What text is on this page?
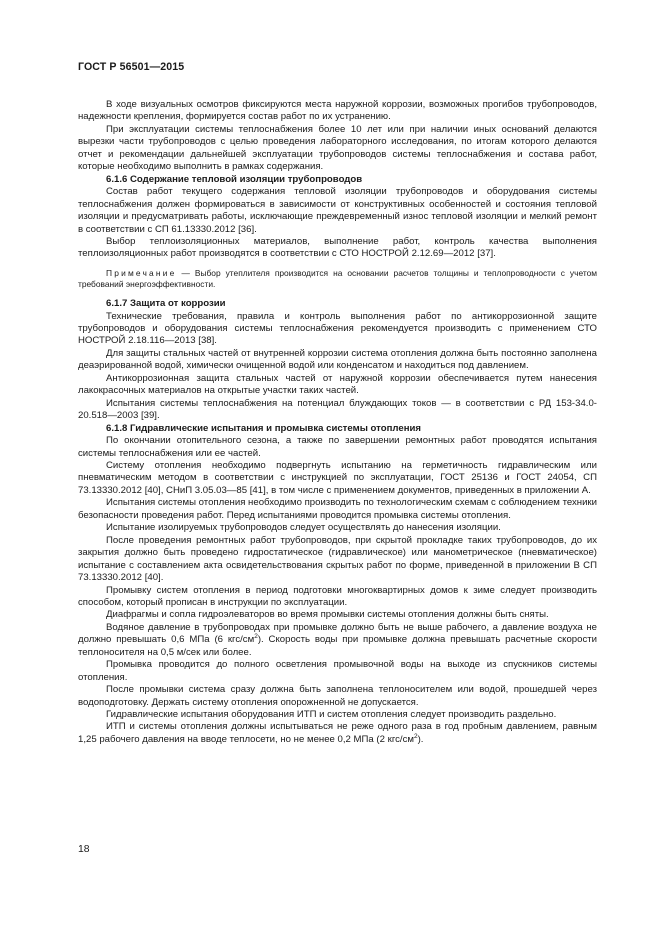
ГОСТ Р 56501—2015

В ходе визуальных осмотров фиксируются места наружной коррозии, возможных прогибов трубопроводов, надежности крепления, формируется состав работ по их устранению.

При эксплуатации системы теплоснабжения более 10 лет или при наличии иных оснований делаются вырезки части трубопроводов с целью проведения лабораторного исследования, по итогам которого делаются отчет и рекомендации дальнейшей эксплуатации трубопроводов системы теплоснабжения и состава работ, которые необходимо выполнить в рамках содержания.

6.1.6 Содержание тепловой изоляции трубопроводов

Состав работ текущего содержания тепловой изоляции трубопроводов и оборудования системы теплоснабжения должен формироваться в зависимости от конструктивных особенностей и состояния тепловой изоляции и предусматривать работы, исключающие преждевременный износ тепловой изоляции и мелкий ремонт в соответствии с СП 61.13330.2012 [36].

Выбор теплоизоляционных материалов, выполнение работ, контроль качества выполнения теплоизоляционных работ производятся в соответствии с СТО НОСТРОЙ 2.12.69—2012 [37].

Примечание — Выбор утеплителя производится на основании расчетов толщины и теплопроводности с учетом требований энергоэффективности.

6.1.7 Защита от коррозии

Технические требования, правила и контроль выполнения работ по антикоррозионной защите трубопроводов и оборудования системы теплоснабжения рекомендуется производить с применением СТО НОСТРОЙ 2.18.116—2013 [38].

Для защиты стальных частей от внутренней коррозии система отопления должна быть постоянно заполнена деаэрированной водой, химически очищенной водой или конденсатом и находиться под давлением.

Антикоррозионная защита стальных частей от наружной коррозии обеспечивается путем нанесения лакокрасочных материалов на открытые участки таких частей.

Испытания системы теплоснабжения на потенциал блуждающих токов — в соответствии с РД 153-34.0-20.518—2003 [39].

6.1.8 Гидравлические испытания и промывка системы отопления

По окончании отопительного сезона, а также по завершении ремонтных работ проводятся испытания системы теплоснабжения или ее частей.

Систему отопления необходимо подвергнуть испытанию на герметичность гидравлическим или пневматическим методом в соответствии с инструкцией по эксплуатации, ГОСТ 25136 и ГОСТ 24054, СП 73.13330.2012 [40], СНиП 3.05.03—85 [41], в том числе с применением документов, приведенных в приложении А.

Испытания системы отопления необходимо производить по технологическим схемам с соблюдением техники безопасности проведения работ. Перед испытаниями проводится промывка системы отопления.

Испытание изолируемых трубопроводов следует осуществлять до нанесения изоляции.

После проведения ремонтных работ трубопроводов, при скрытой прокладке таких трубопроводов, до их закрытия должно быть проведено гидростатическое (гидравлическое) или манометрическое (пневматическое) испытание с составлением акта освидетельствования скрытых работ по форме, приведенной в приложении В СП 73.13330.2012 [40].

Промывку систем отопления в период подготовки многоквартирных домов к зиме следует производить способом, который прописан в инструкции по эксплуатации.

Диафрагмы и сопла гидроэлеваторов во время промывки системы отопления должны быть сняты.

Водяное давление в трубопроводах при промывке должно быть не выше рабочего, а давление воздуха не должно превышать 0,6 МПа (6 кгс/$см^2$). Скорость воды при промывке должна превышать расчетные скорости теплоносителя на 0,5 м/сек или более.

Промывка проводится до полного осветления промывочной воды на выходе из спускников системы отопления.

После промывки система сразу должна быть заполнена теплоносителем или водой, прошедшей через водоподготовку. Держать систему отопления опорожненной не допускается.

Гидравлические испытания оборудования ИТП и систем отопления следует производить раздельно.

ИТП и системы отопления должны испытываться не реже одного раза в год пробным давлением, равным 1,25 рабочего давления на вводе теплосети, но не менее 0,2 МПа (2 кгс/$см^2$).

18
